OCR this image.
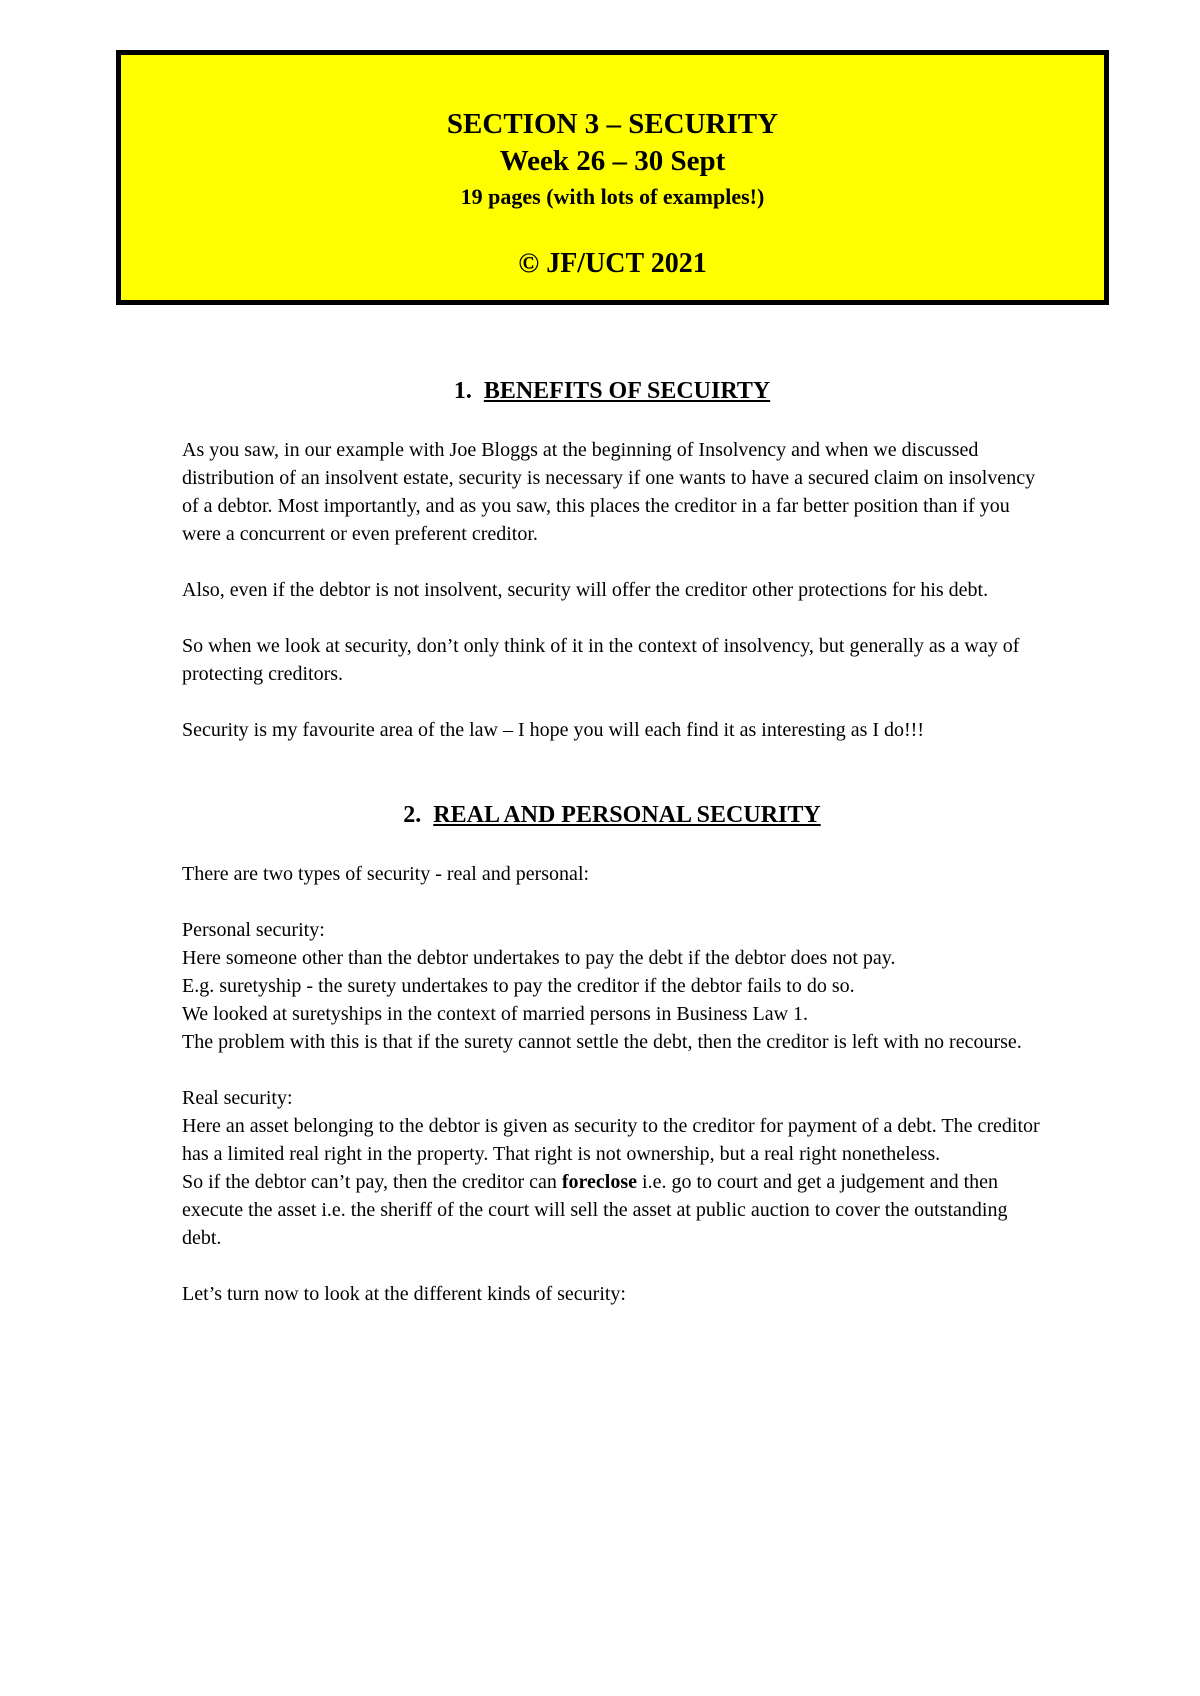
SECTION 3 – SECURITY
Week 26 – 30 Sept
19 pages (with lots of examples!)
© JF/UCT 2021
1. BENEFITS OF SECUIRTY

As you saw, in our example with Joe Bloggs at the beginning of Insolvency and when we discussed distribution of an insolvent estate, security is necessary if one wants to have a secured claim on insolvency of a debtor. Most importantly, and as you saw, this places the creditor in a far better position than if you were a concurrent or even preferent creditor.

Also, even if the debtor is not insolvent, security will offer the creditor other protections for his debt.

So when we look at security, don’t only think of it in the context of insolvency, but generally as a way of protecting creditors.

Security is my favourite area of the law – I hope you will each find it as interesting as I do!!!

2. REAL AND PERSONAL SECURITY

There are two types of security - real and personal:

Personal security:
Here someone other than the debtor undertakes to pay the debt if the debtor does not pay.
E.g. suretyship - the surety undertakes to pay the creditor if the debtor fails to do so.
We looked at suretyships in the context of married persons in Business Law 1.
The problem with this is that if the surety cannot settle the debt, then the creditor is left with no recourse.
Real security:
Here an asset belonging to the debtor is given as security to the creditor for payment of a debt. The creditor has a limited real right in the property. That right is not ownership, but a real right nonetheless.
So if the debtor can’t pay, then the creditor can foreclose i.e. go to court and get a judgement and then execute the asset i.e. the sheriff of the court will sell the asset at public auction to cover the outstanding debt.

Let’s turn now to look at the different kinds of security:
